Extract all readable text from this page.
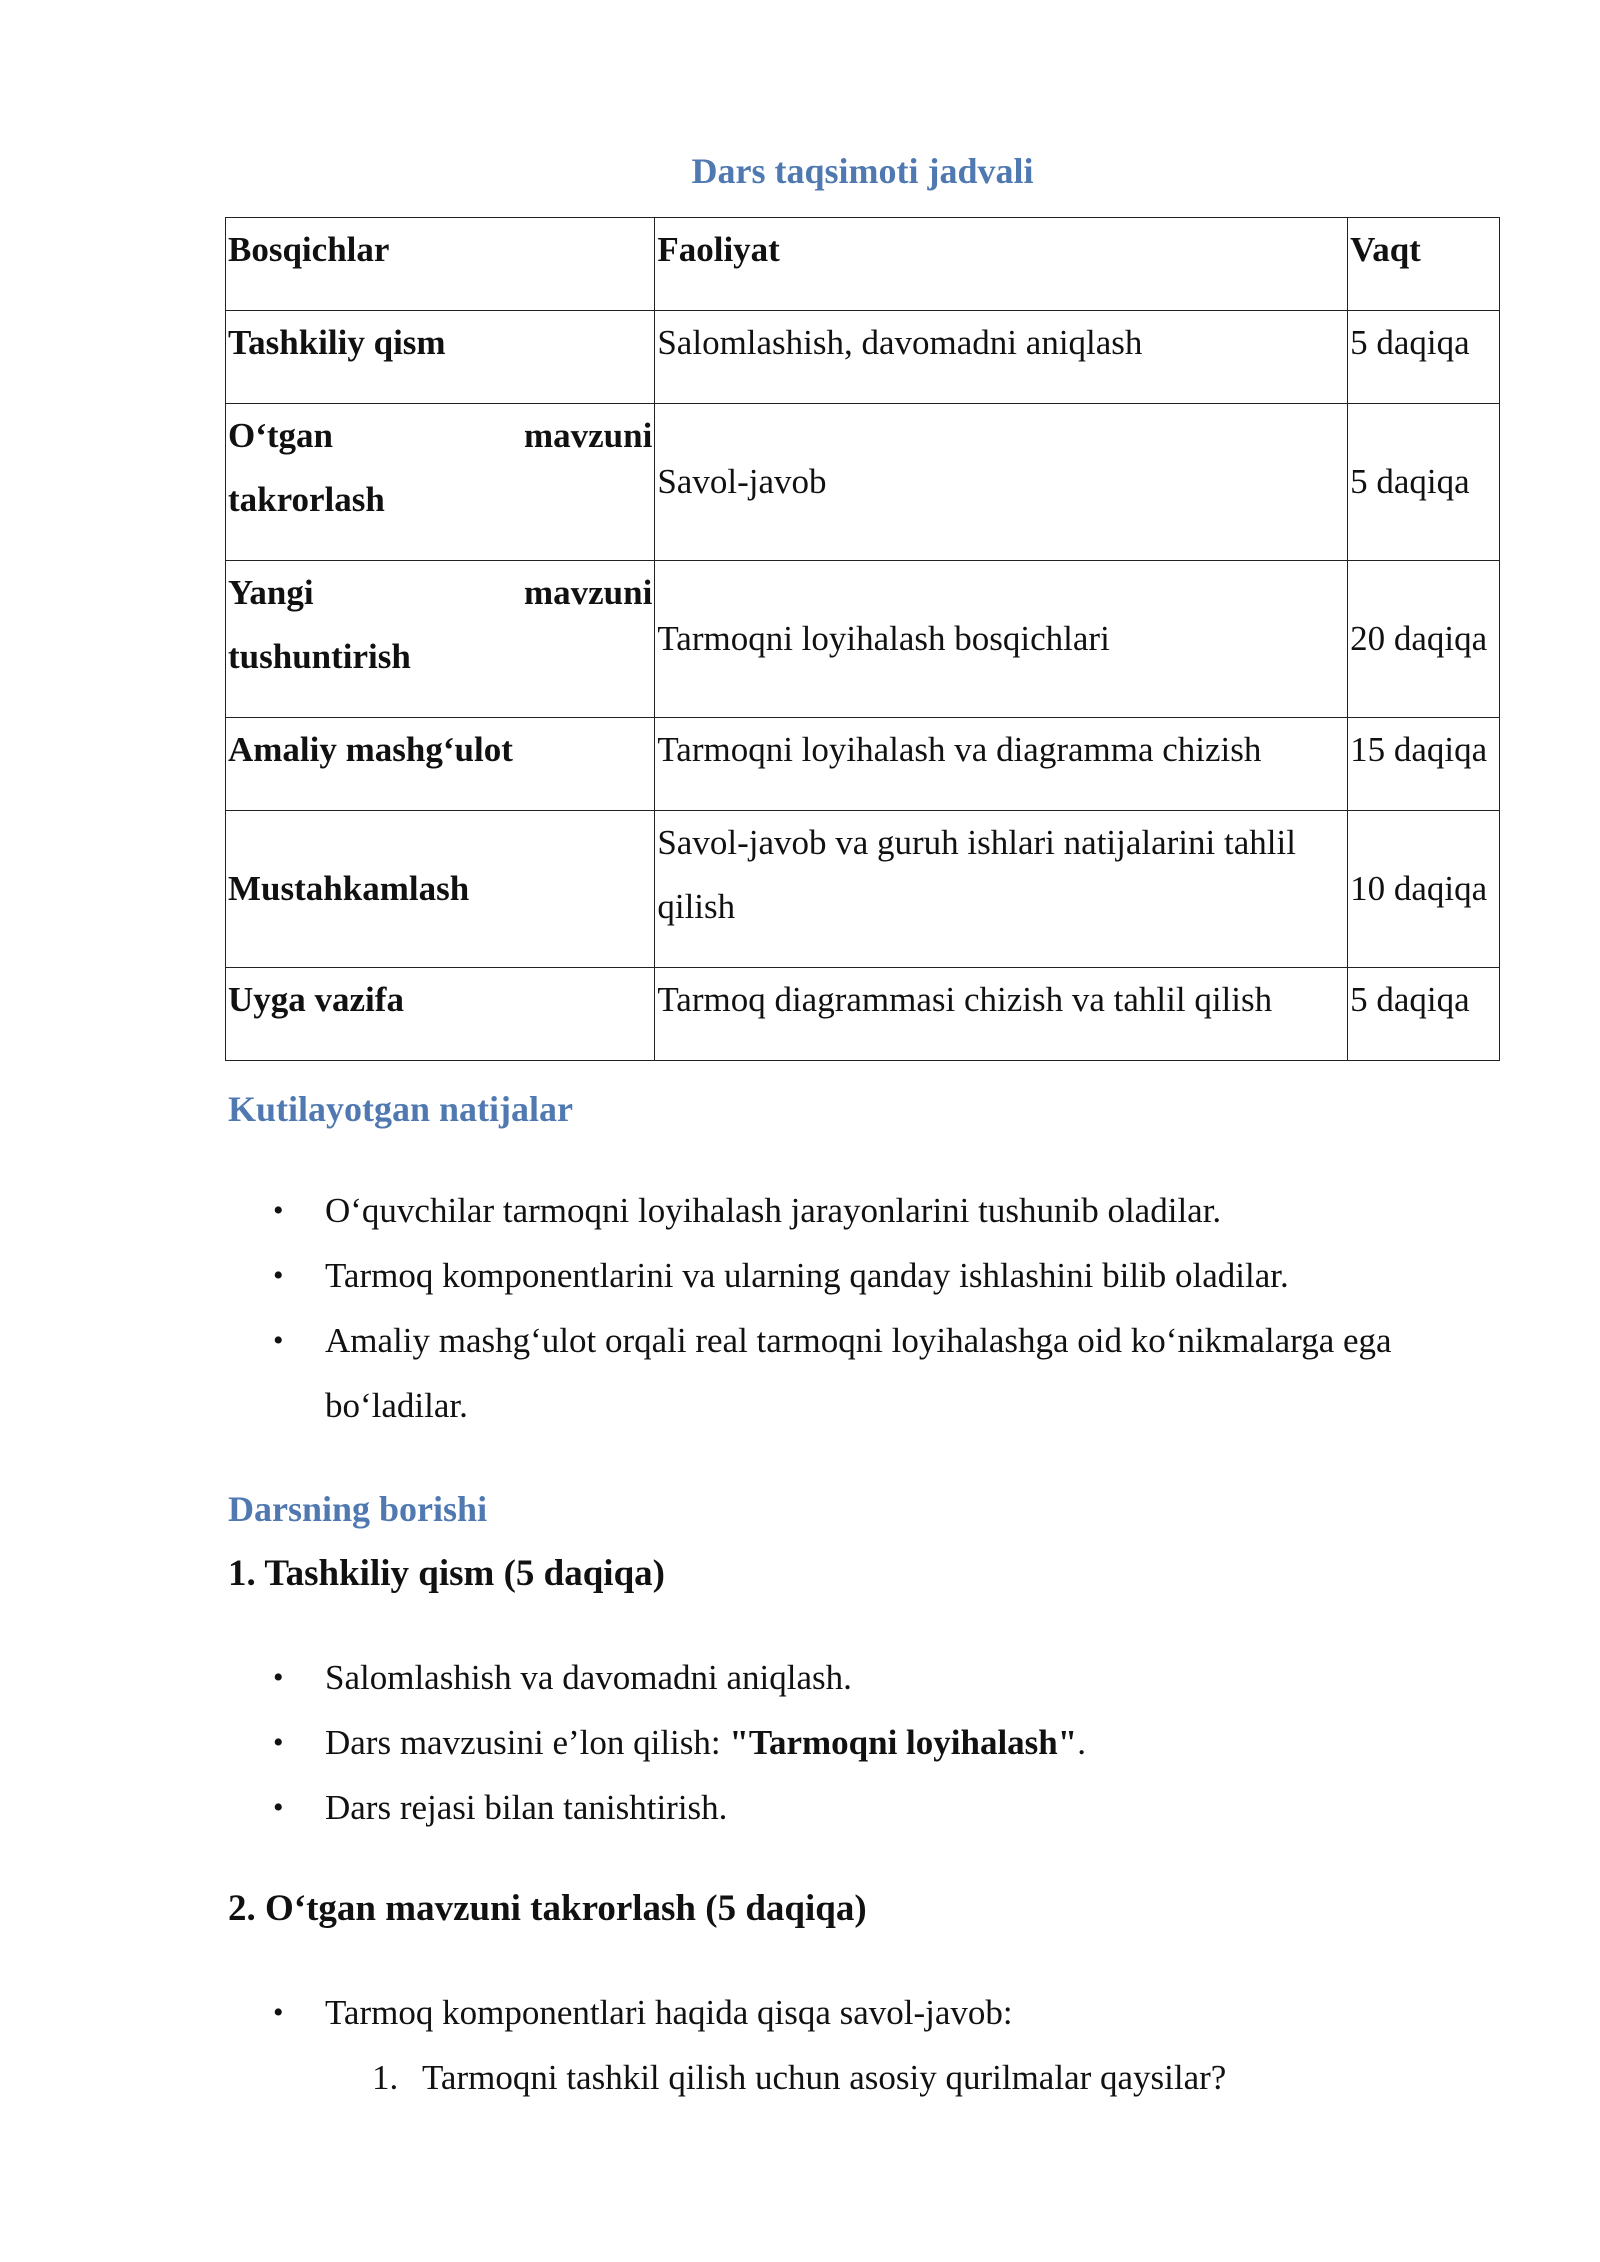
Dars taqsimoti jadvali
Bosqichlar	Faoliyat	Vaqt
Tashkiliy qism	Salomlashish, davomadni aniqlash	5 daqiqa

O‘tgan mavzuni
takrorlash	Savol-javob	5 daqiqa

Yangi mavzuni
tushuntirish	Tarmoqni loyihalash bosqichlari	20 daqiqa
Amaliy mashg‘ulot	Tarmoqni loyihalash va diagramma chizish	15 daqiqa
Mustahkamlash	Savol-javob va guruh ishlari natijalarini tahlil qilish	10 daqiqa
Uyga vazifa	Tarmoq diagrammasi chizish va tahlil qilish	5 daqiqa
Kutilayotgan natijalar
• O‘quvchilar tarmoqni loyihalash jarayonlarini tushunib oladilar.
• Tarmoq komponentlarini va ularning qanday ishlashini bilib oladilar.
• Amaliy mashg‘ulot orqali real tarmoqni loyihalashga oid ko‘nikmalarga ega bo‘ladilar.
Darsning borishi
1. Tashkiliy qism (5 daqiqa)
• Salomlashish va davomadni aniqlash.
• Dars mavzusini e’lon qilish: "Tarmoqni loyihalash".
• Dars rejasi bilan tanishtirish.
2. O‘tgan mavzuni takrorlash (5 daqiqa)
• Tarmoq komponentlari haqida qisqa savol-javob:
1. Tarmoqni tashkil qilish uchun asosiy qurilmalar qaysilar?
